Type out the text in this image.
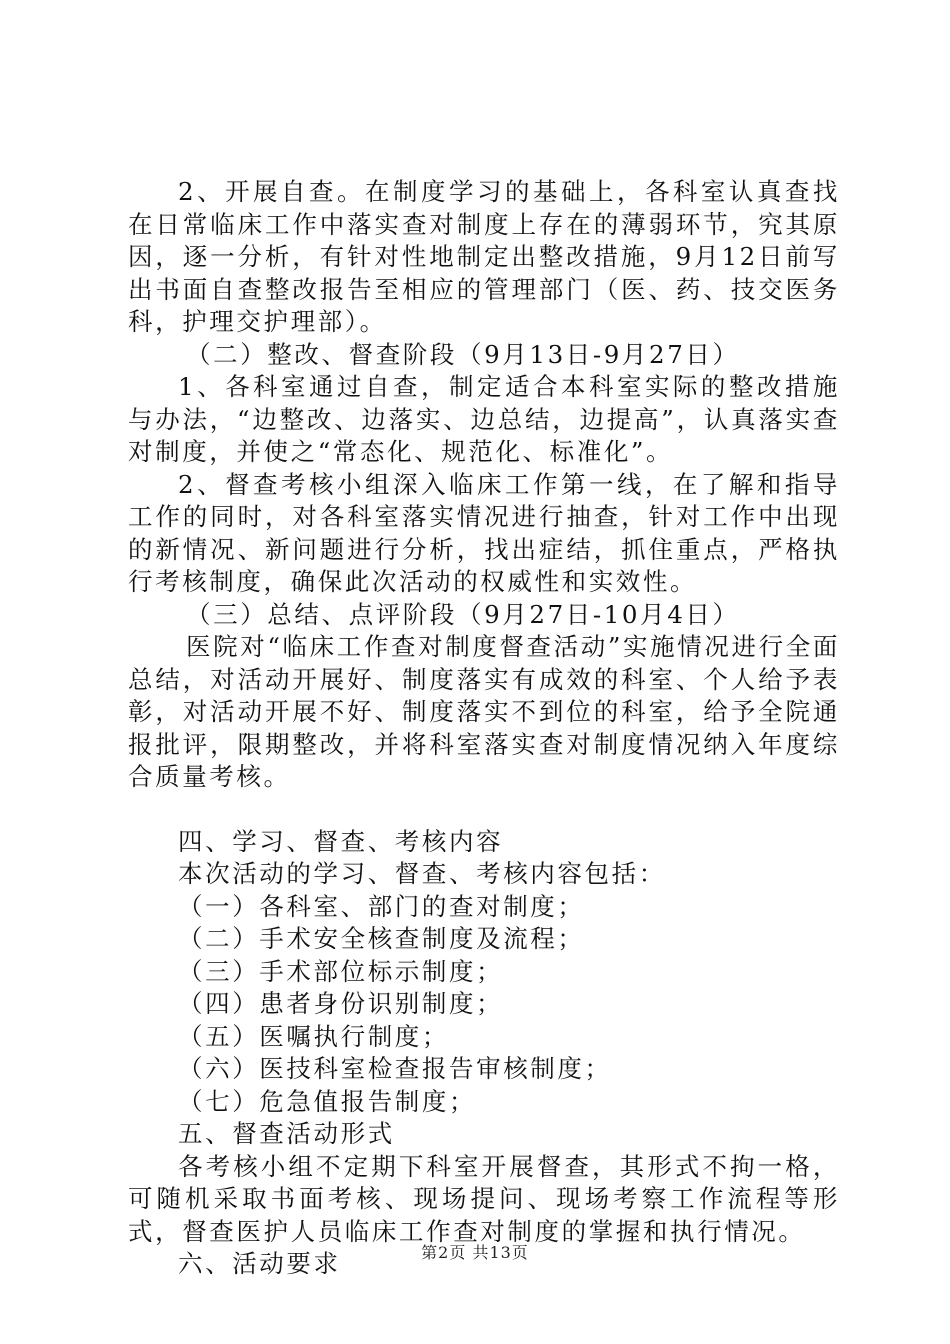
2、开展自查。在制度学习的基础上，各科室认真查找在日常临床工作中落实查对制度上存在的薄弱环节，究其原因，逐一分析，有针对性地制定出整改措施，9月12日前写出书面自查整改报告至相应的管理部门（医、药、技交医务科，护理交护理部）。

（二）整改、督查阶段（9月13日-9月27日）

1、各科室通过自查，制定适合本科室实际的整改措施与办法，“边整改、边落实、边总结，边提高”，认真落实查对制度，并使之“常态化、规范化、标准化”。

2、督查考核小组深入临床工作第一线，在了解和指导工作的同时，对各科室落实情况进行抽查，针对工作中出现的新情况、新问题进行分析，找出症结，抓住重点，严格执行考核制度，确保此次活动的权威性和实效性。

（三）总结、点评阶段（9月27日-10月4日）

医院对“临床工作查对制度督查活动”实施情况进行全面总结，对活动开展好、制度落实有成效的科室、个人给予表彰，对活动开展不好、制度落实不到位的科室，给予全院通报批评，限期整改，并将科室落实查对制度情况纳入年度综合质量考核。

四、学习、督查、考核内容

本次活动的学习、督查、考核内容包括：

（一）各科室、部门的查对制度；

（二）手术安全核查制度及流程；

（三）手术部位标示制度；

（四）患者身份识别制度；

（五）医嘱执行制度；

（六）医技科室检查报告审核制度；

（七）危急值报告制度；

五、督查活动形式

各考核小组不定期下科室开展督查，其形式不拘一格，可随机采取书面考核、现场提问、现场考察工作流程等形式，督查医护人员临床工作查对制度的掌握和执行情况。

六、活动要求	第2页 共13页
